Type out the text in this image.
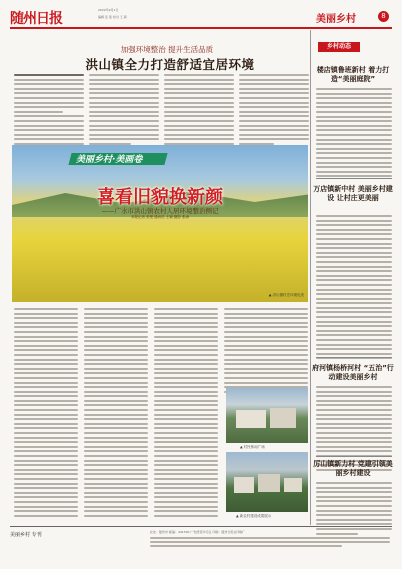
随州日报
2022年9月1日
编辑 张 楚 校对 王 颖	美丽乡村	8
加强环境整治 提升生活品质
洪山镇全力打造舒适宜居环境
美丽乡村·美画卷
喜看旧貌换新颜
——广水市洪山镇农村人居环境整治侧记
本报记者 张楚 通讯员 王颖 摄影 张涛
▲ 洪山镇村庄环境优美
▲ 村民休闲广场
▲ 新农村建设成果展示
乡村动态
楼店镇鲁班新村 着力打造“美丽庭院”
万店镇新中村 美丽乡村建设 让村庄更美丽
府河镇杨桥河村 “五治”行动建设美丽乡村
厉山镇新力村 党建引领美丽乡村建设
美丽乡村 专刊	社址：随州市 邮编：441300 广告经营许可证 印刷：随州日报社印刷厂
